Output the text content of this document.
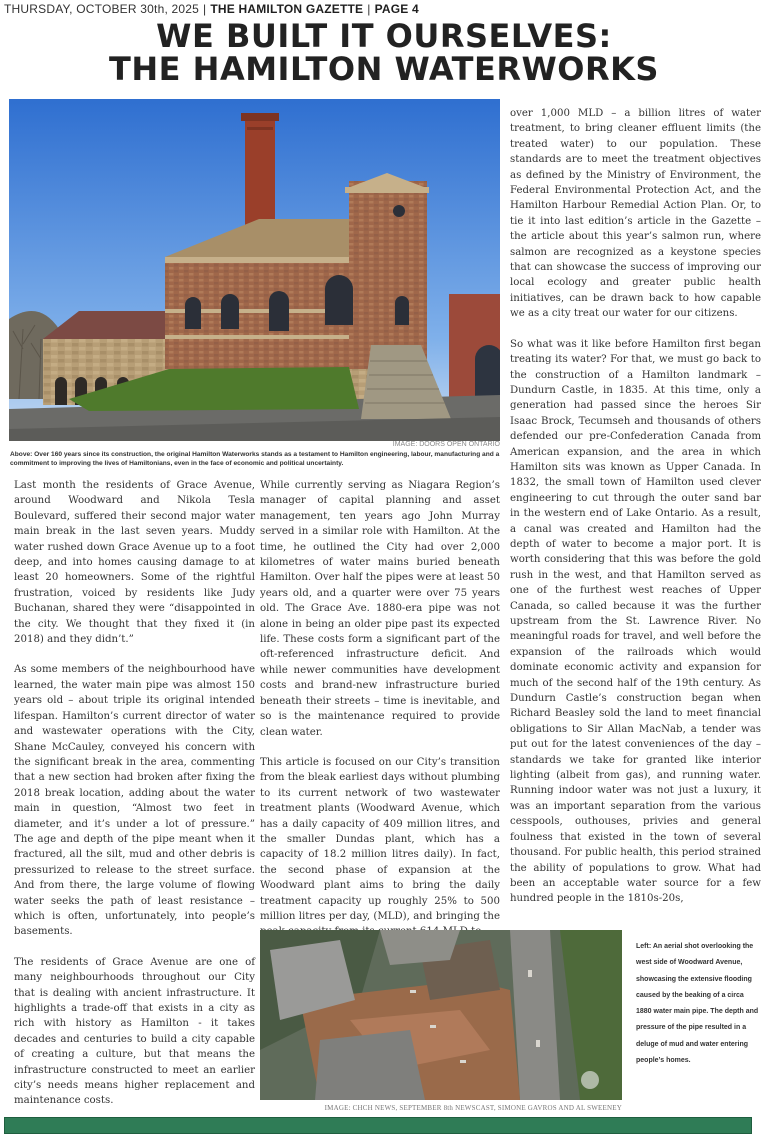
THURSDAY, OCTOBER 30th, 2025 | THE HAMILTON GAZETTE | PAGE 4
WE BUILT IT OURSELVES:
THE HAMILTON WATERWORKS
IMAGE: DOORS OPEN ONTARIO
Above: Over 160 years since its construction, the original Hamilton Waterworks stands as a testament to Hamilton engineering, labour, manufacturing and a commitment to improving the lives of Hamiltonians, even in the face of economic and political uncertainty.

Last month the residents of Grace Avenue, around Woodward and Nikola Tesla Boulevard, suffered their second major water main break in the last seven years. Muddy water rushed down Grace Avenue up to a foot deep, and into homes causing damage to at least 20 homeowners. Some of the rightful frustration, voiced by residents like Judy Buchanan, shared they were “disappointed in the city. We thought that they fixed it (in 2018) and they didn’t.”

As some members of the neighbourhood have learned, the water main pipe was almost 150 years old – about triple its original intended lifespan. Hamilton’s current director of water and wastewater operations with the City, Shane McCauley, conveyed his concern with the significant break in the area, commenting that a new section had broken after fixing the 2018 break location, adding about the water main in question, “Almost two feet in diameter, and it’s under a lot of pressure.” The age and depth of the pipe meant when it fractured, all the silt, mud and other debris is pressurized to release to the street surface. And from there, the large volume of flowing water seeks the path of least resistance – which is often, unfortunately, into people’s basements.

The residents of Grace Avenue are one of many neighbourhoods throughout our City that is dealing with ancient infrastructure. It highlights a trade-off that exists in a city as rich with history as Hamilton - it takes decades and centuries to build a city capable of creating a culture, but that means the infrastructure constructed to meet an earlier city’s needs means higher replacement and maintenance costs.

While currently serving as Niagara Region’s manager of capital planning and asset management, ten years ago John Murray served in a similar role with Hamilton. At the time, he outlined the City had over 2,000 kilometres of water mains buried beneath Hamilton. Over half the pipes were at least 50 years old, and a quarter were over 75 years old. The Grace Ave. 1880-era pipe was not alone in being an older pipe past its expected life. These costs form a significant part of the oft-referenced infrastructure deficit. And while newer communities have development costs and brand-new infrastructure buried beneath their streets – time is inevitable, and so is the maintenance required to provide clean water.

This article is focused on our City’s transition from the bleak earliest days without plumbing to its current network of two wastewater treatment plants (Woodward Avenue, which has a daily capacity of 409 million litres, and the smaller Dundas plant, which has a capacity of 18.2 million litres daily). In fact, the second phase of expansion at the Woodward plant aims to bring the daily treatment capacity up roughly 25% to 500 million litres per day, (MLD), and bringing the

over 1,000 MLD – a billion litres of water treatment, to bring cleaner effluent limits (the treated water) to our population. These standards are to meet the treatment objectives as defined by the Ministry of Environment, the Federal Environmental Protection Act, and the Hamilton Harbour Remedial Action Plan. Or, to tie it into last edition’s article in the Gazette – the article about this year’s salmon run, where salmon are recognized as a keystone species that can showcase the success of improving our local ecology and greater public health initiatives, can be drawn back to how capable we as a city treat our water for our citizens.

So what was it like before Hamilton first began treating its water? For that, we must go back to the construction of a Hamilton landmark – Dundurn Castle, in 1835. At this time, only a generation had passed since the heroes Sir Isaac Brock, Tecumseh and thousands of others defended our pre-Confederation Canada from American expansion, and the area in which Hamilton sits was known as Upper Canada. In 1832, the small town of Hamilton used clever engineering to cut through the outer sand bar in the western end of Lake Ontario. As a result, a canal was created and Hamilton had the depth of water to become a major port. It is worth considering that this was before the gold rush in the west, and that Hamilton served as one of the furthest west reaches of Upper Canada, so called because it was the further upstream from the St. Lawrence River. No meaningful roads for travel, and well before the expansion of the railroads which would dominate economic activity and expansion for much of the second half of the 19th century. As Dundurn Castle’s construction began when Richard Beasley sold the land to meet financial obligations to Sir Allan MacNab, a tender was put out for the latest conveniences of the day – standards we take for granted like interior lighting (albeit from gas), and running water. Running indoor water was not just a luxury, it was an important separation from the various cesspools, outhouses, privies and general foulness that existed in the town of several thousand. For public health, this period strained the ability of populations to grow. What had been an acceptable water source for a few hundred people in the 1810s-20s,

IMAGE: CHCH NEWS, SEPTEMBER 8th NEWSCAST, SIMONE GAVROS AND AL SWEENEY
Left: An aerial shot overlooking the west side of Woodward Avenue, showcasing the extensive flooding caused by the beaking of a circa 1880 water main pipe. The depth and pressure of the pipe resulted in a deluge of mud and water entering people’s homes.
